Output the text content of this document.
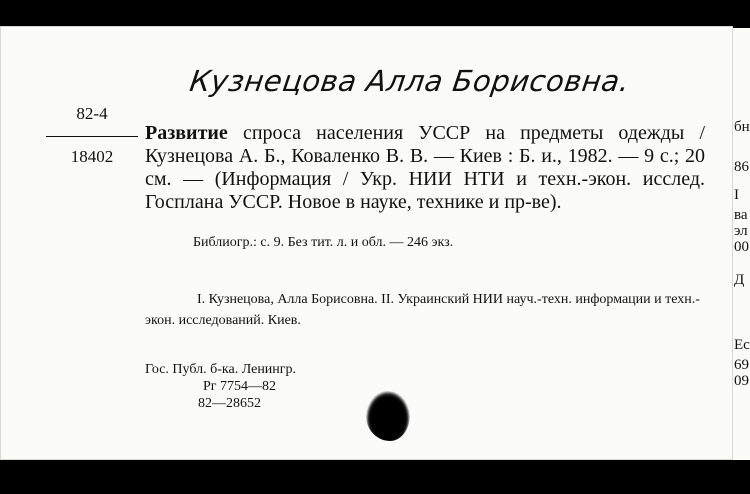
Кузнецова Алла Борисовна.
82-4
18402
Развитие спроса населения УССР на предметы одежды / Кузнецова А. Б., Коваленко В. В. — Киев : Б. и., 1982. — 9 с.; 20 см. — (Информация / Укр. НИИ НТИ и техн.-экон. исслед. Госплана УССР. Новое в науке, технике и пр-ве).
Библиогр.: с. 9. Без тит. л. и обл. — 246 экз.
I. Кузнецова, Алла Борисовна. II. Украинский НИИ науч.-техн. информации и техн.-экон. исследований. Киев.
Гос. Публ. б-ка. Ленингр.
Рг 7754—82
82—28652
бн
86
I
ва
эл
00
Д
Ес
69
09
